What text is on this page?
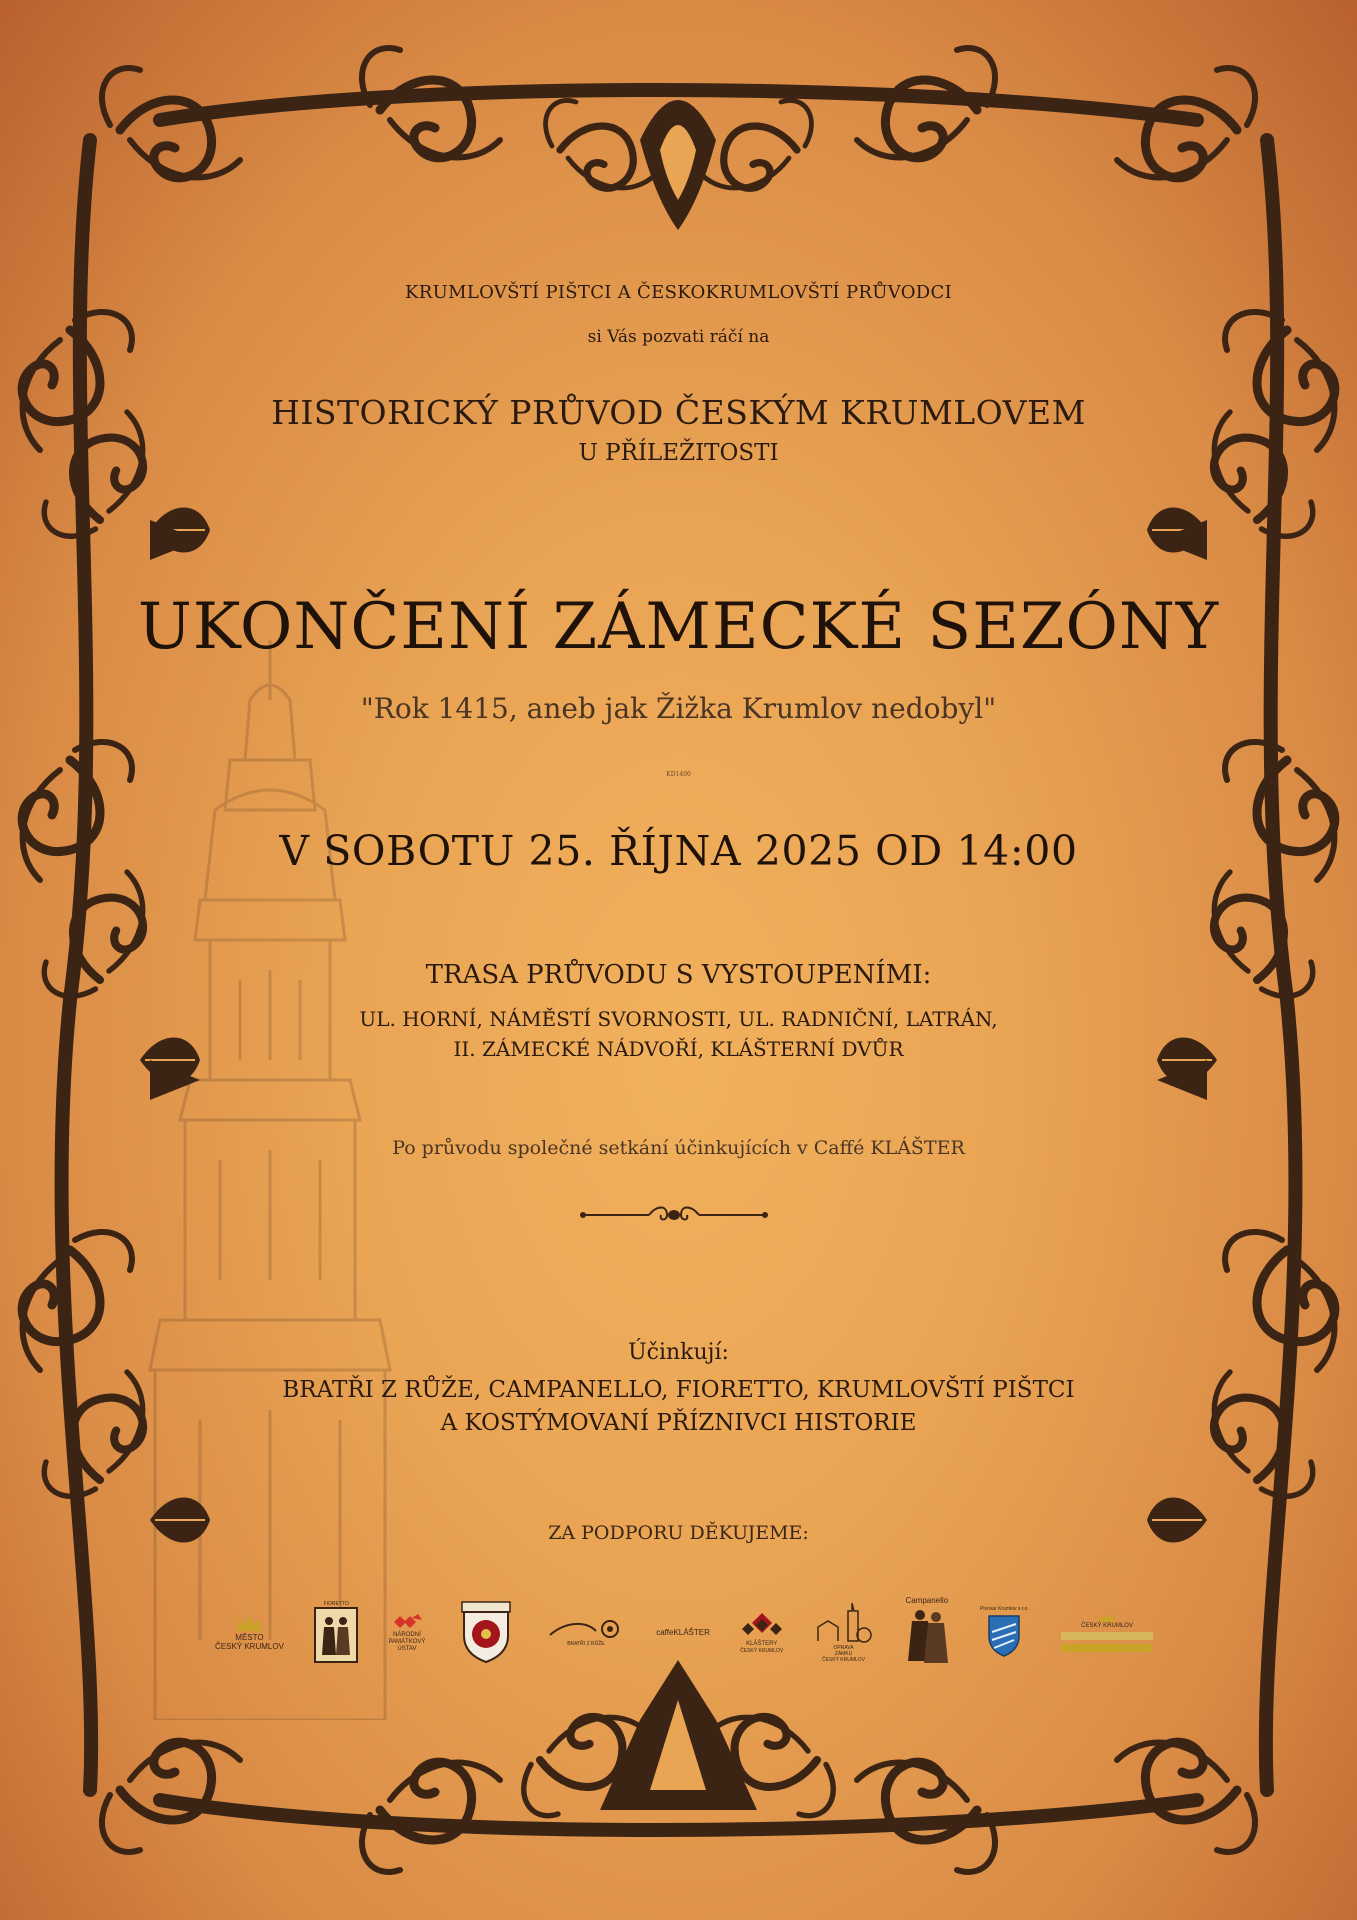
KRUMLOVŠTÍ PIŠTCI A ČESKOKRUMLOVŠTÍ PRŮVODCI
si Vás pozvati ráčí na
HISTORICKÝ PRŮVOD ČESKÝM KRUMLOVEM
U PŘÍLEŽITOSTI
UKONČENÍ ZÁMECKÉ SEZÓNY
"Rok 1415, aneb jak Žižka Krumlov nedobyl"
KD1400
V SOBOTU 25. ŘÍJNA 2025 OD 14:00
TRASA PRŮVODU S VYSTOUPENÍMI:
UL. HORNÍ, NÁMĚSTÍ SVORNOSTI, UL. RADNIČNÍ, LATRÁN,
II. ZÁMECKÉ NÁDVOŘÍ, KLÁŠTERNÍ DVŮR
Po průvodu společné setkání účinkujících v Caffé KLÁŠTER
Účinkují:
BRATŘI Z RŮŽE, CAMPANELLO, FIORETTO, KRUMLOVŠTÍ PIŠTCI
A KOSTÝMOVANÍ PŘÍZNIVCI HISTORIE
ZA PODPORU DĚKUJEME:
MĚSTO
ČESKÝ KRUMLOV
FIORETTO
NÁRODNÍ
PAMÁTKOVÝ
ÚSTAV
BRATŘI Z RŮŽE
caffeKLÁŠTER
KLÁŠTERY
ČESKÝ KRUMLOV	OPRAVA
ZÁMKU
ČESKÝ KRUMLOV
Campanello
Pivovar Krumlov s.r.o.
ČESKÝ KRUMLOV
